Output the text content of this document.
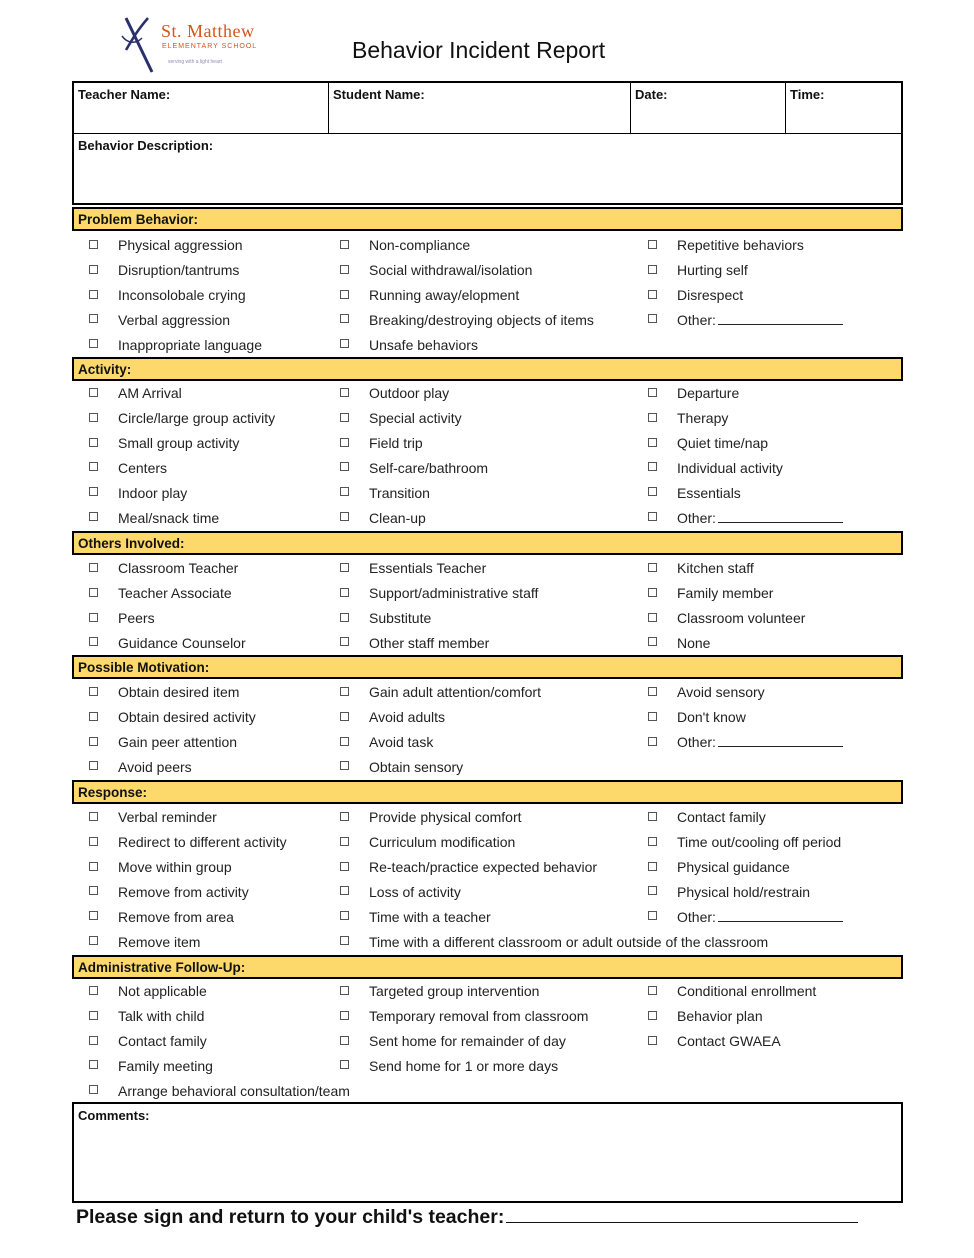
St. Matthew
ELEMENTARY SCHOOL
serving with a light heart	Behavior Incident Report
Teacher Name:	Student Name:	Date:	Time:
Behavior Description:
Problem Behavior:
Physical aggression
Disruption/tantrums
Inconsolobale crying
Verbal aggression
Inappropriate language
Non-compliance
Social withdrawal/isolation
Running away/elopment
Breaking/destroying objects of items
Unsafe behaviors
Repetitive behaviors
Hurting self
Disrespect
Other:
Activity:
AM Arrival
Circle/large group activity
Small group activity
Centers
Indoor play
Meal/snack time
Outdoor play
Special activity
Field trip
Self-care/bathroom
Transition
Clean-up
Departure
Therapy
Quiet time/nap
Individual activity
Essentials
Other:
Others Involved:
Classroom Teacher
Teacher Associate
Peers
Guidance Counselor
Essentials Teacher
Support/administrative staff
Substitute
Other staff member
Kitchen staff
Family member
Classroom volunteer
None
Possible Motivation:
Obtain desired item
Obtain desired activity
Gain peer attention
Avoid peers
Gain adult attention/comfort
Avoid adults
Avoid task
Obtain sensory
Avoid sensory
Don't know
Other:
Response:
Verbal reminder
Redirect to different activity
Move within group
Remove from activity
Remove from area
Remove item
Provide physical comfort
Curriculum modification
Re-teach/practice expected behavior
Loss of activity
Time with a teacher
Time with a different classroom or adult outside of the classroom
Contact family
Time out/cooling off period
Physical guidance
Physical hold/restrain
Other:
Administrative Follow-Up:
Not applicable
Talk with child
Contact family
Family meeting
Arrange behavioral consultation/team
Targeted group intervention
Temporary removal from classroom
Sent home for remainder of day
Send home for 1 or more days
Conditional enrollment
Behavior plan
Contact GWAEA
Comments:
Please sign and return to your child's teacher:
